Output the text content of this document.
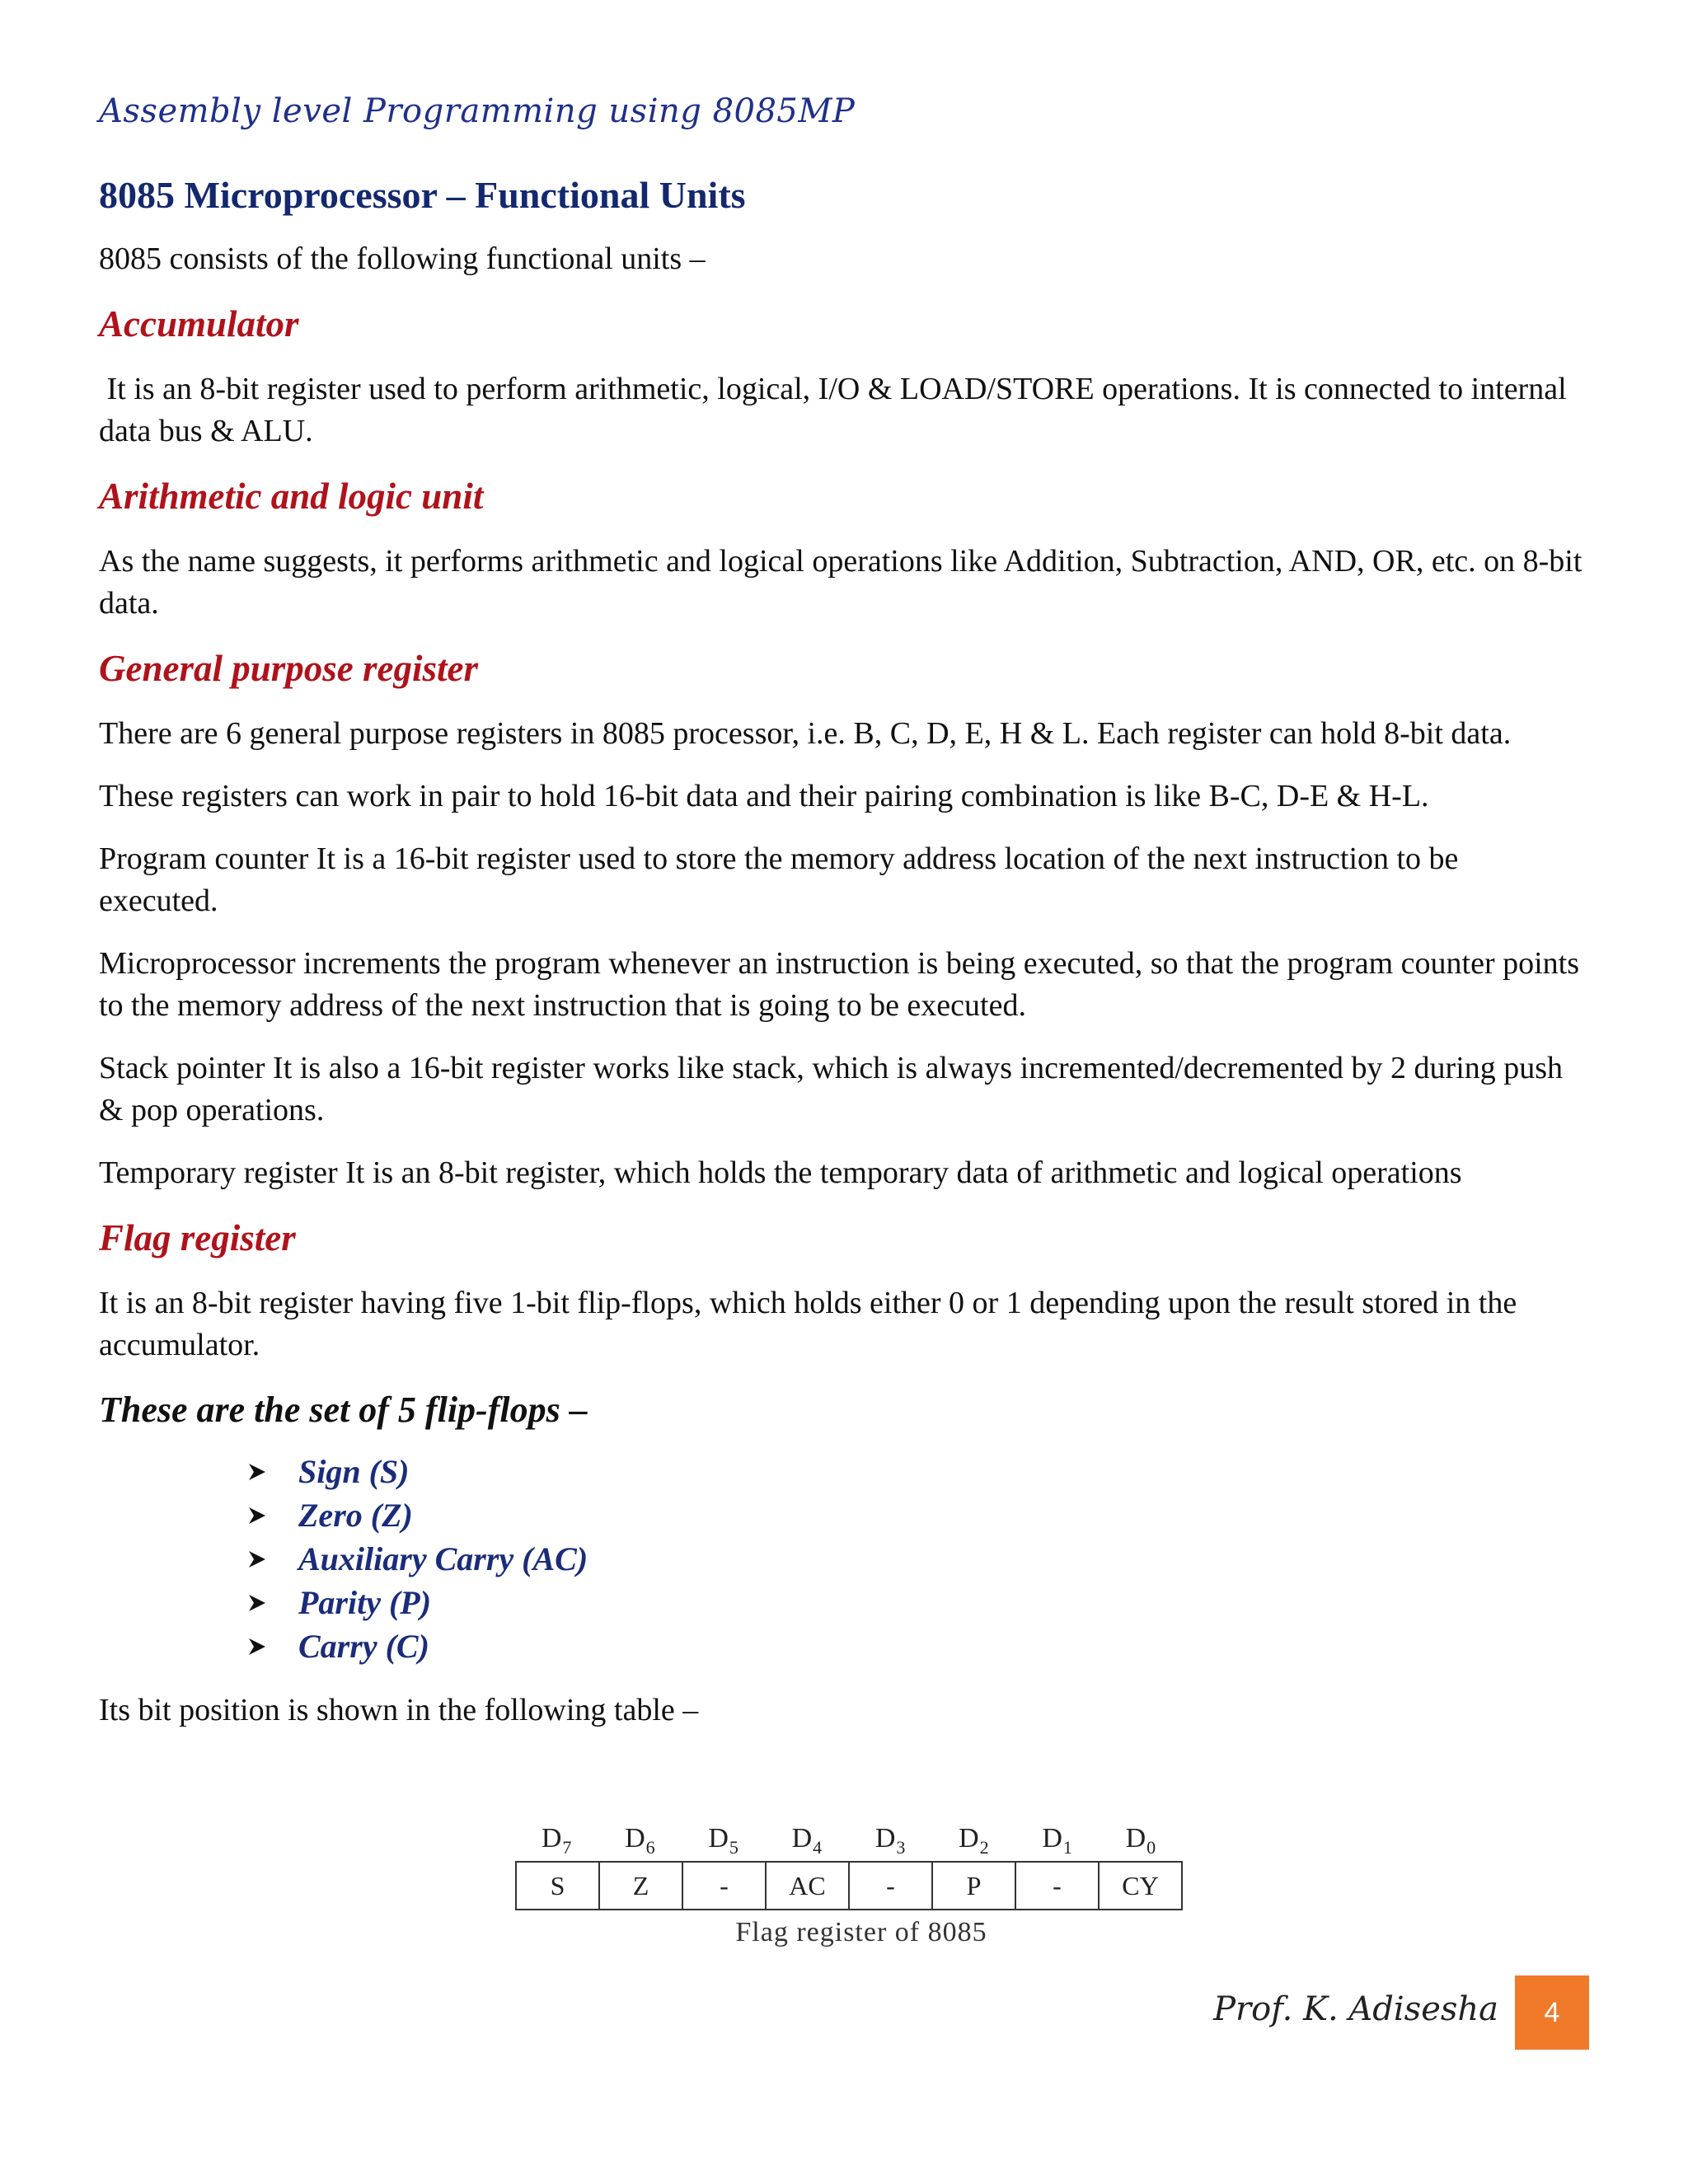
Assembly level Programming using 8085MP
8085 Microprocessor – Functional Units

8085 consists of the following functional units –

Accumulator

It is an 8-bit register used to perform arithmetic, logical, I/O & LOAD/STORE operations. It is connected to internal data bus & ALU.

Arithmetic and logic unit

As the name suggests, it performs arithmetic and logical operations like Addition, Subtraction, AND, OR, etc. on 8-bit data.

General purpose register

There are 6 general purpose registers in 8085 processor, i.e. B, C, D, E, H & L. Each register can hold 8-bit data.

These registers can work in pair to hold 16-bit data and their pairing combination is like B-C, D-E & H-L.

Program counter It is a 16-bit register used to store the memory address location of the next instruction to be executed.

Microprocessor increments the program whenever an instruction is being executed, so that the program counter points to the memory address of the next instruction that is going to be executed.

Stack pointer It is also a 16-bit register works like stack, which is always incremented/decremented by 2 during push & pop operations.

Temporary register It is an 8-bit register, which holds the temporary data of arithmetic and logical operations

Flag register

It is an 8-bit register having five 1-bit flip-flops, which holds either 0 or 1 depending upon the result stored in the accumulator.

These are the set of 5 flip-flops –
Sign (S)
Zero (Z)
Auxiliary Carry (AC)
Parity (P)
Carry (C)

Its bit position is shown in the following table –

$D_7$	$D_6$	$D_5$	$D_4$	$D_3$	$D_2$	$D_1$	$D_0$
S	Z	-	AC	-	P	-	CY
Flag register of 8085
Prof. K. Adisesha	4
